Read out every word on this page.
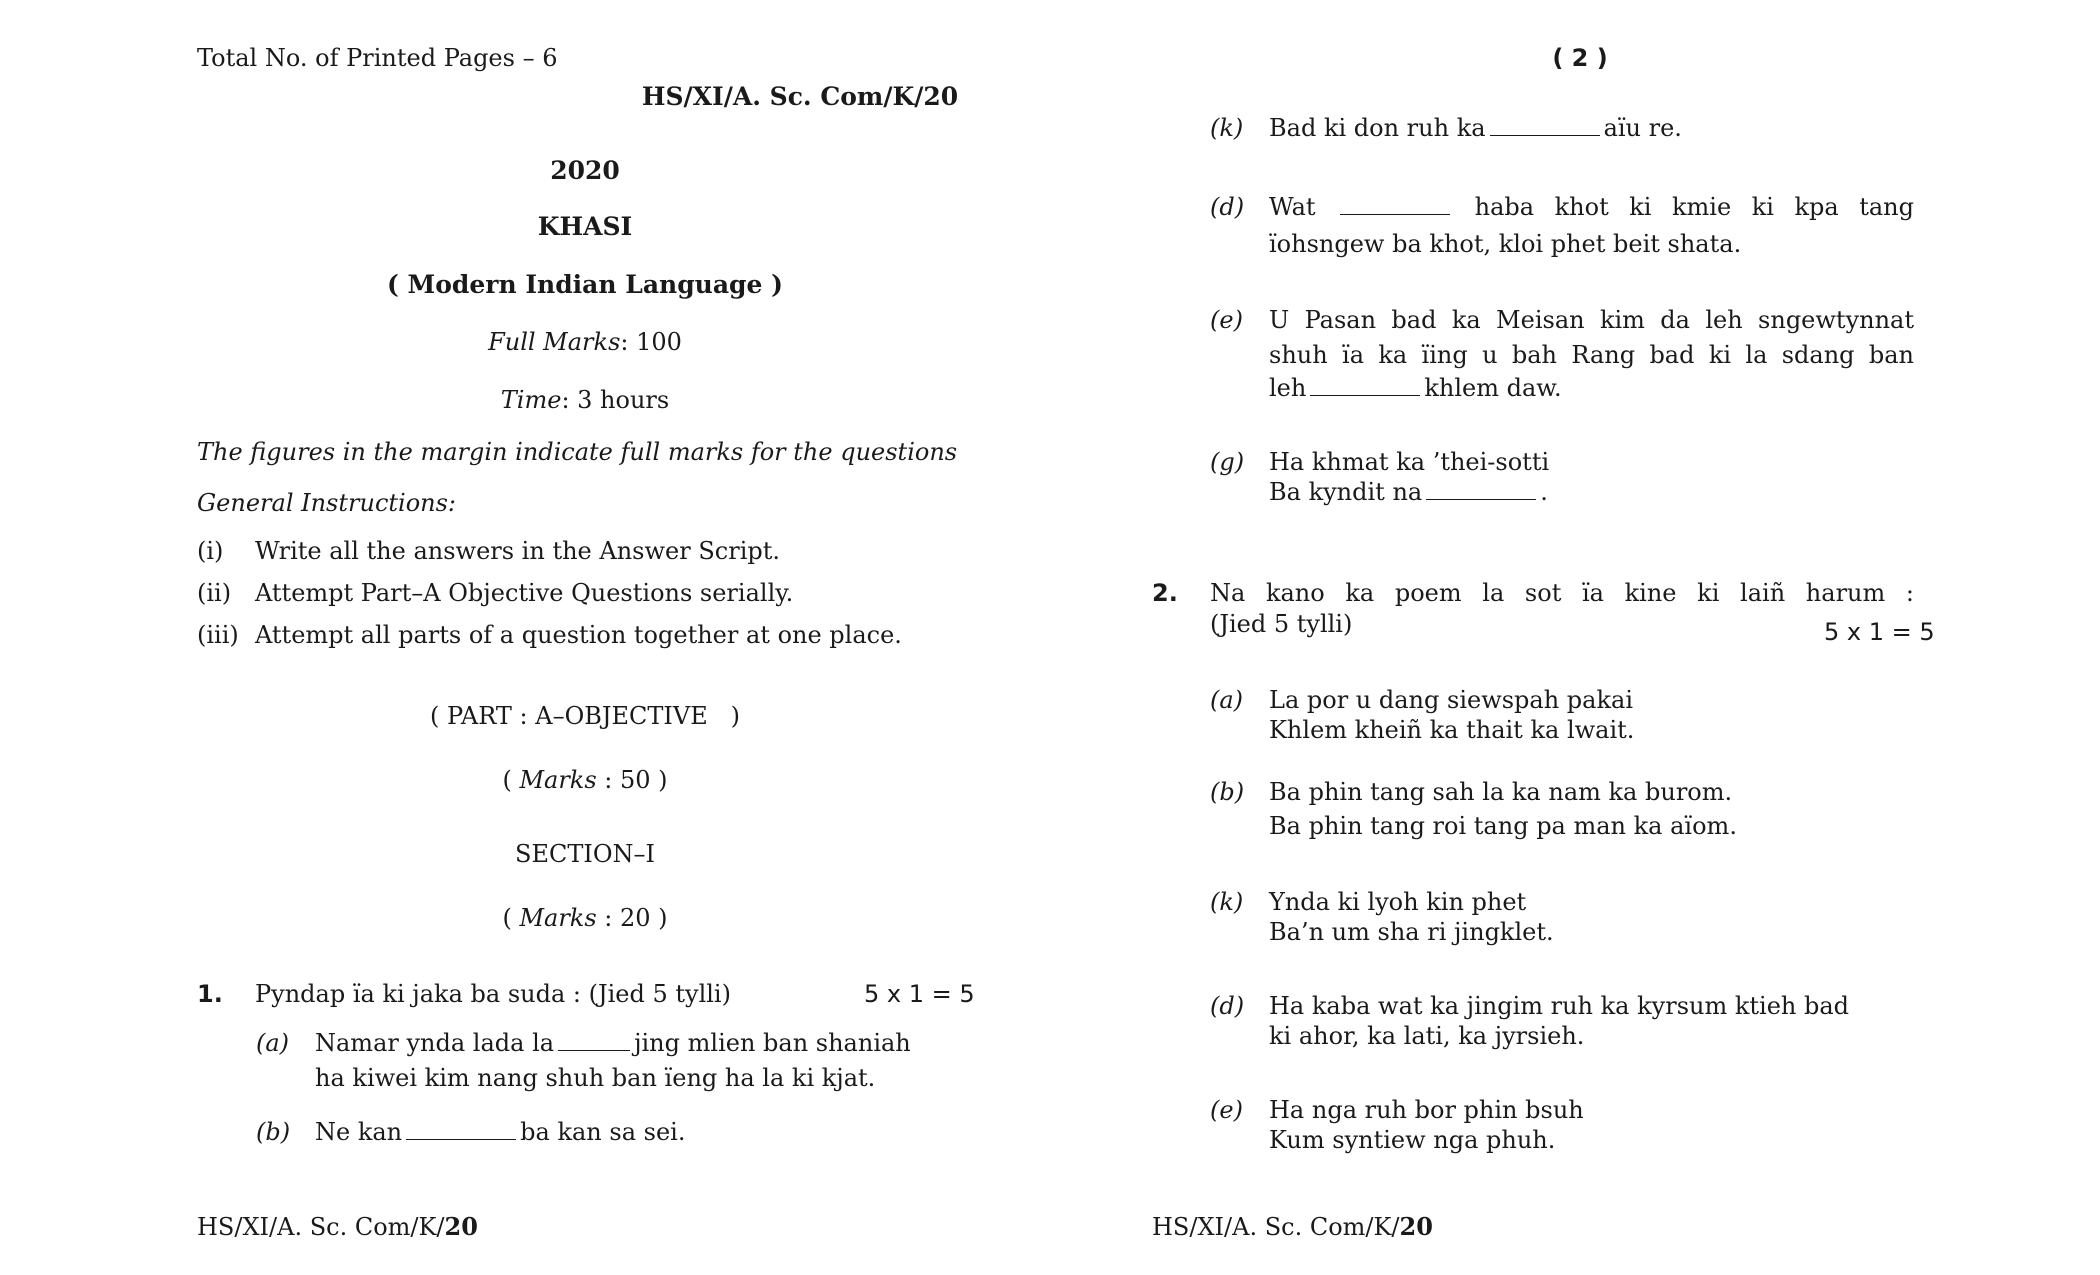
Total No. of Printed Pages – 6
HS/XI/A. Sc. Com/K/20
2020
KHASI
( Modern Indian Language )
Full Marks: 100
Time: 3 hours
The figures in the margin indicate full marks for the questions
General Instructions:
(i) Write all the answers in the Answer Script.
(ii) Attempt Part–A Objective Questions serially.
(iii) Attempt all parts of a question together at one place.
( PART : A–OBJECTIVE   )
( Marks : 50 )
SECTION–I
( Marks : 20 )
1. Pyndap ïa ki jaka ba suda : (Jied 5 tylli)	5 x 1 = 5
(a) Namar ynda lada la	jing mlien ban shaniah
ha kiwei kim nang shuh ban ïeng ha la ki kjat.
(b) Ne kan	ba kan sa sei.
HS/XI/A. Sc. Com/K/20
( 2 )
(k) Bad ki don ruh ka	aïu re.
(d) Wat	haba khot ki kmie ki kpa tang
ïohsngew ba khot, kloi phet beit shata.
(e) U Pasan bad ka Meisan kim da leh sngewtynnat
shuh ïa ka ïing u bah Rang bad ki la sdang ban
leh	khlem daw.
(g) Ha khmat ka ’thei-sotti
Ba kyndit na	.
2. Na kano ka poem la sot ïa kine ki laiñ harum :
(Jied 5 tylli)	5 x 1 = 5
(a) La por u dang siewspah pakai
Khlem kheiñ ka thait ka lwait.
(b) Ba phin tang sah la ka nam ka burom.
Ba phin tang roi tang pa man ka aïom.
(k) Ynda ki lyoh kin phet
Ba’n um sha ri jingklet.
(d) Ha kaba wat ka jingim ruh ka kyrsum ktieh bad
ki ahor, ka lati, ka jyrsieh.
(e) Ha nga ruh bor phin bsuh
Kum syntiew nga phuh.
HS/XI/A. Sc. Com/K/20
